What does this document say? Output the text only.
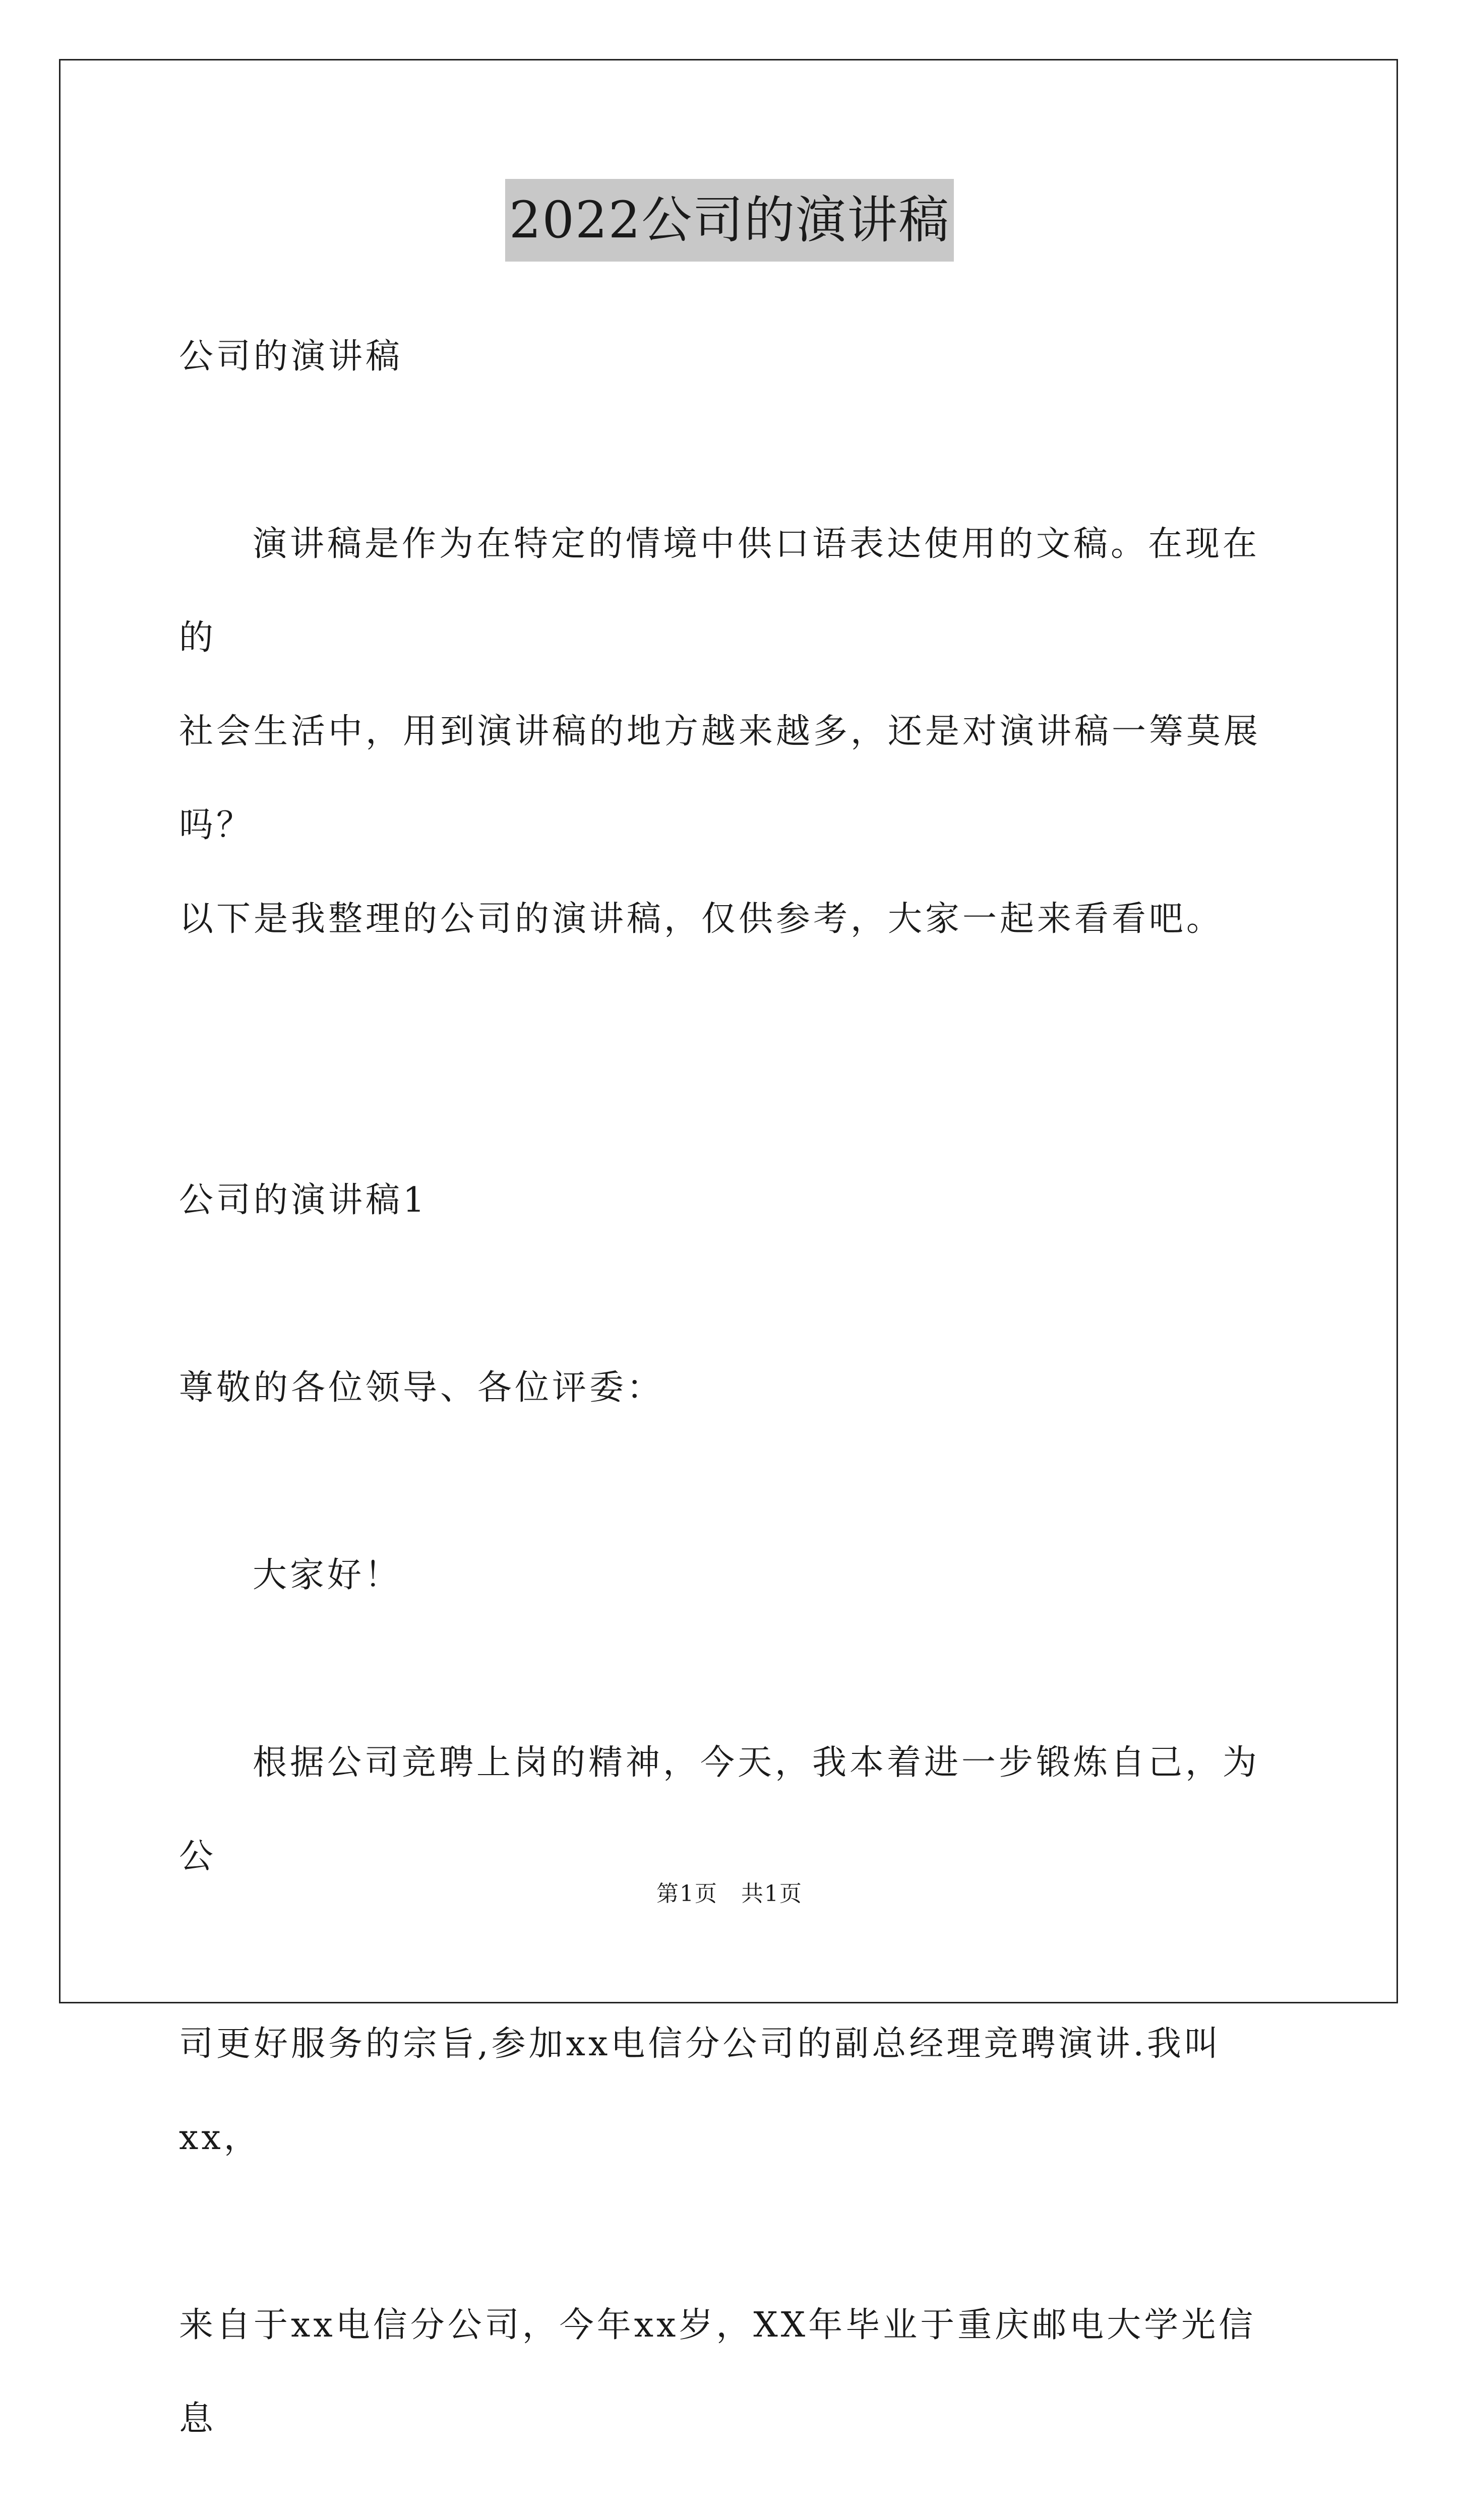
2022公司的演讲稿

公司的演讲稿

演讲稿是作为在特定的情境中供口语表达使用的文稿。在现在的

社会生活中，用到演讲稿的地方越来越多，还是对演讲稿一筹莫展吗？

以下是我整理的公司的演讲稿，仅供参考，大家一起来看看吧。

公司的演讲稿1

尊敬的各位领导、各位评委：

大家好！

根据公司竞聘上岗的精神，今天，我本着进一步锻炼自己，为公

司更好服务的宗旨,参加xx电信分公司的副总经理竞聘演讲.我叫xx，

来自于xx电信分公司，今年xx岁，XX年毕业于重庆邮电大学光信息

第1页　共1页
